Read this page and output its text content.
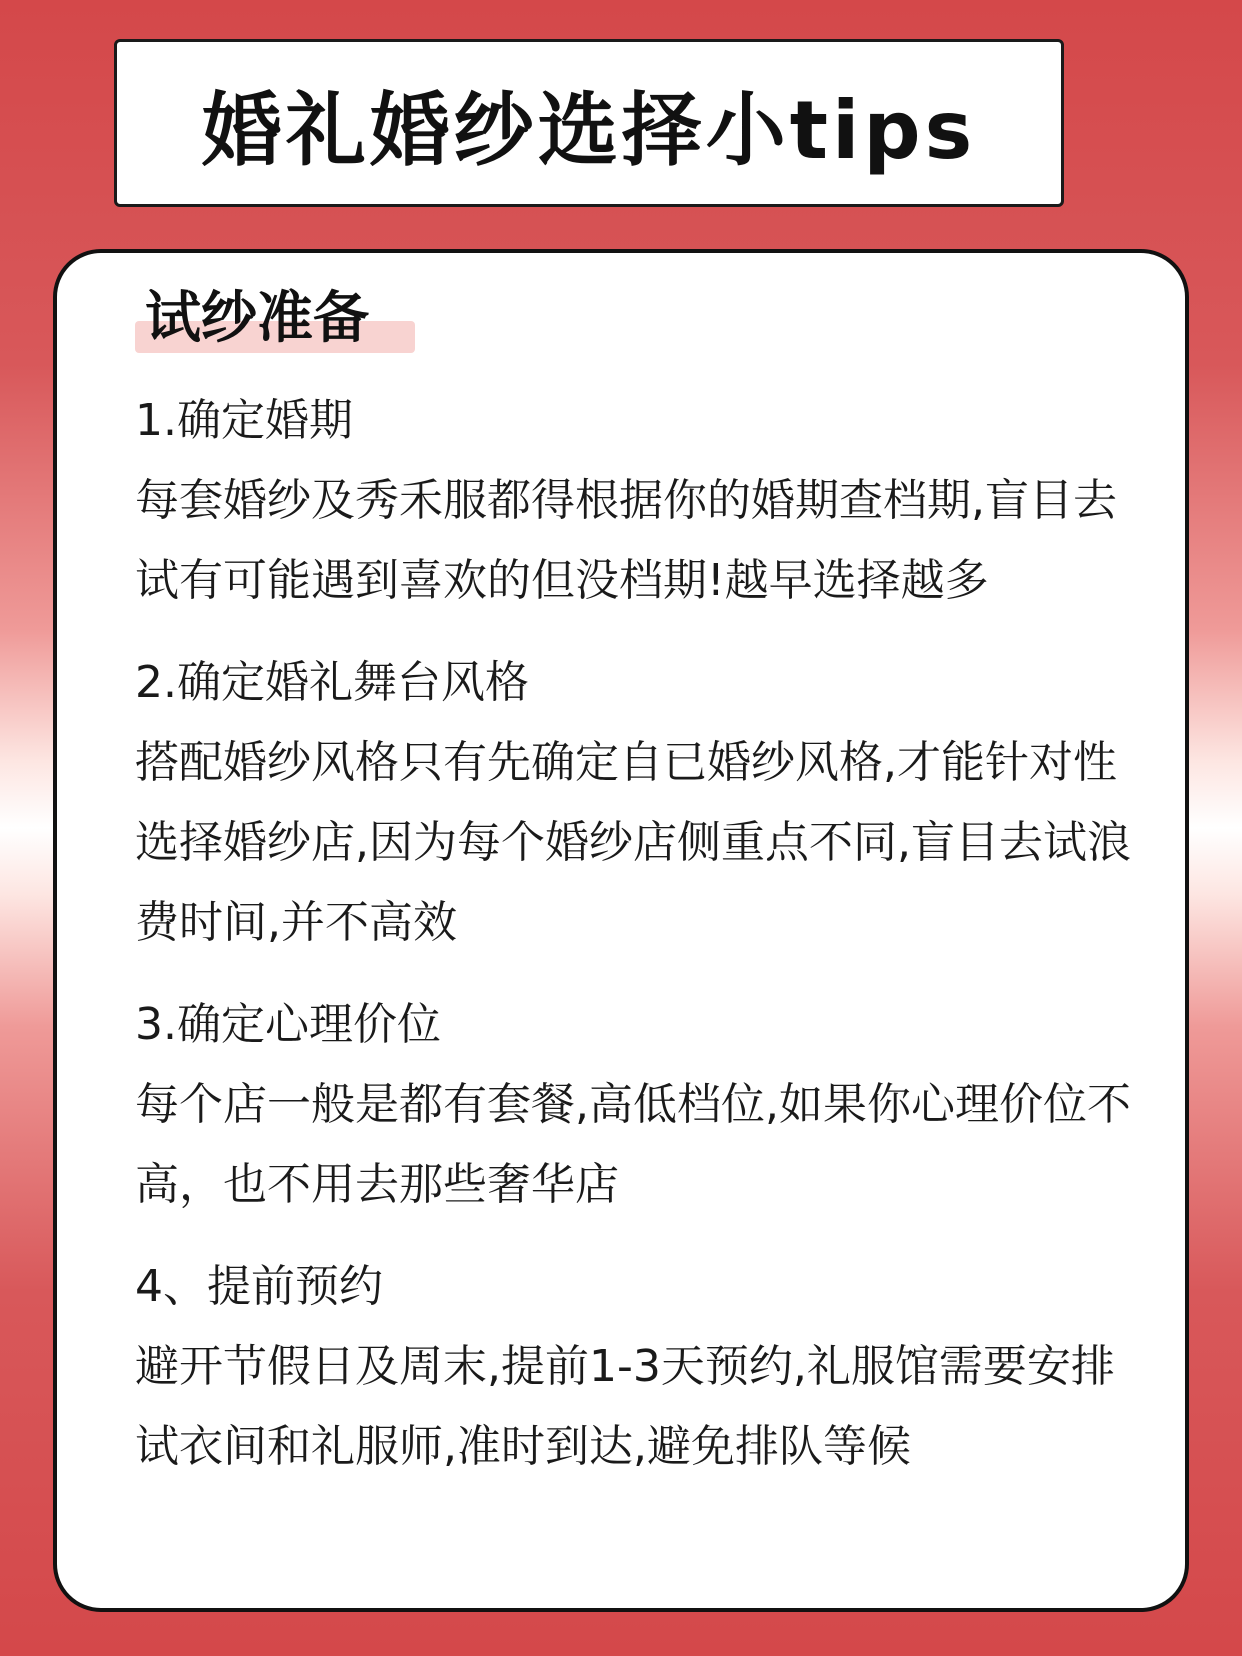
婚礼婚纱选择小tips
试纱准备
1.确定婚期
每套婚纱及秀禾服都得根据你的婚期查档期,盲目去试有可能遇到喜欢的但没档期!越早选择越多
2.确定婚礼舞台风格
搭配婚纱风格只有先确定自已婚纱风格,才能针对性选择婚纱店,因为每个婚纱店侧重点不同,盲目去试浪费时间,并不高效
3.确定心理价位
每个店一般是都有套餐,高低档位,如果你心理价位不高，也不用去那些奢华店
4、提前预约
避开节假日及周末,提前1-3天预约,礼服馆需要安排试衣间和礼服师,准时到达,避免排队等候
